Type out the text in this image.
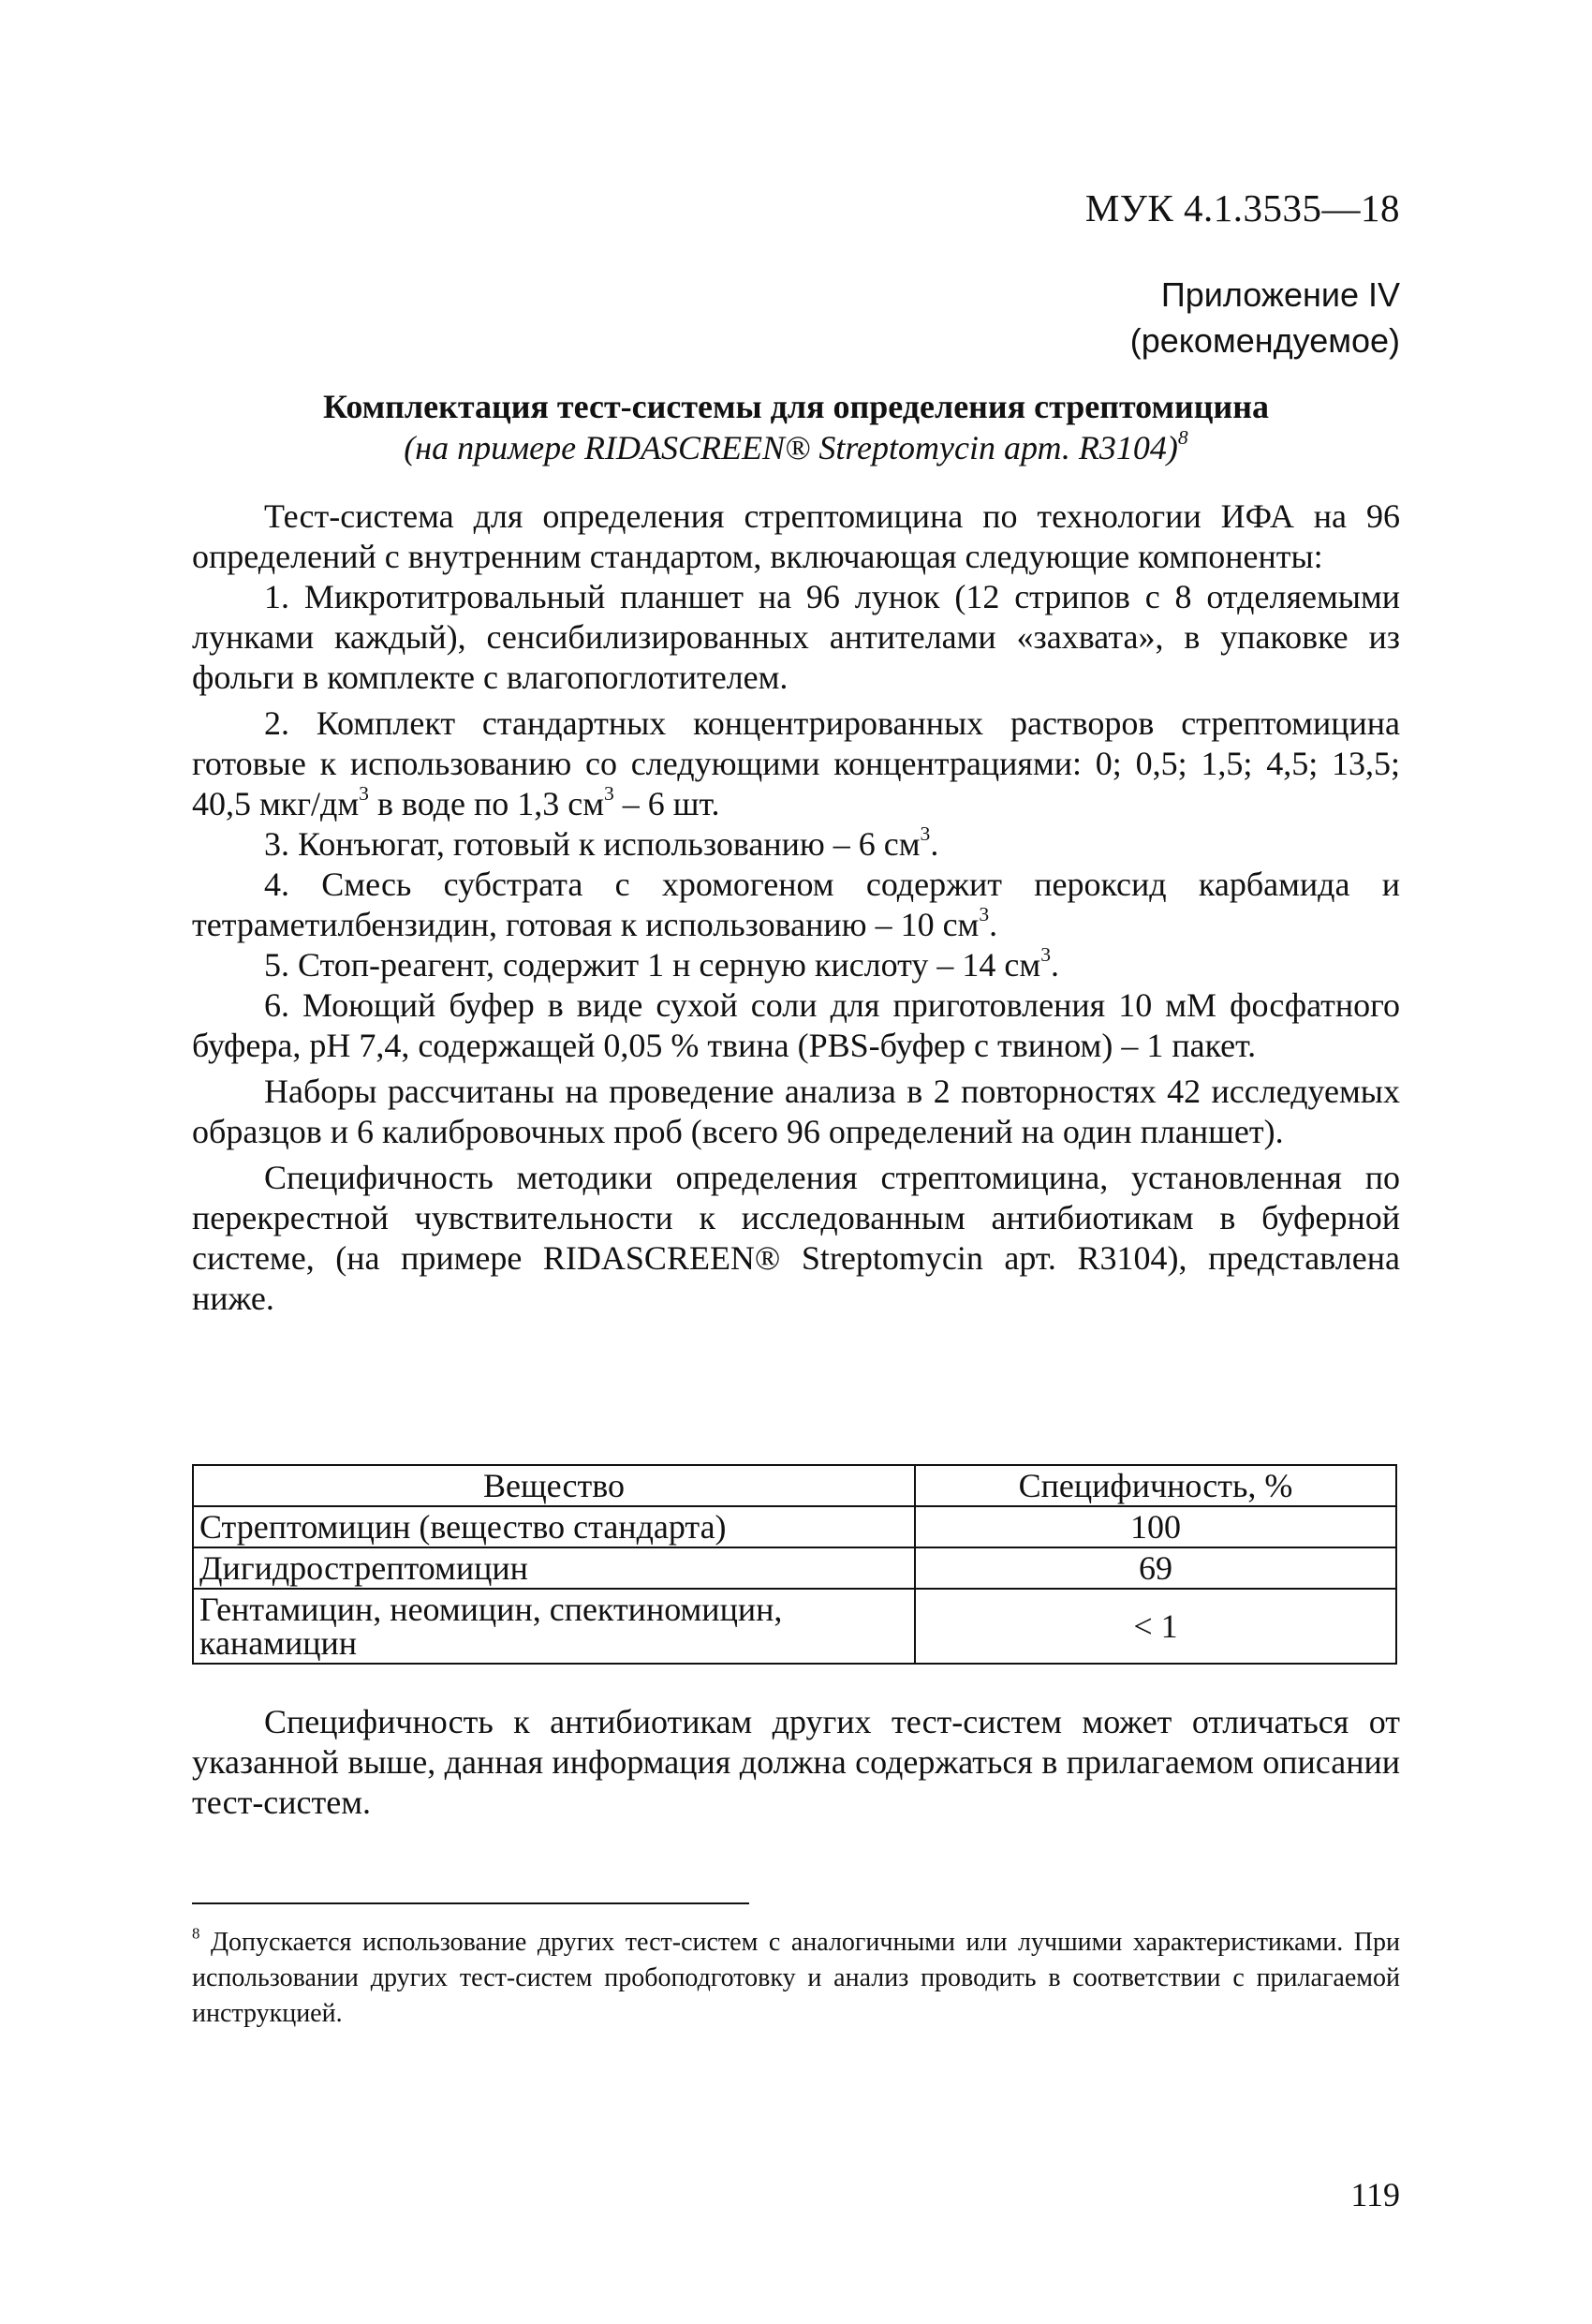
МУК 4.1.3535—18
Приложение IV
(рекомендуемое)
Комплектация тест-системы для определения стрептомицина
(на примере RIDASCREEN® Streptomycin арт. R3104)$^8$

Тест-система для определения стрептомицина по технологии ИФА на 96 определений с внутренним стандартом, включающая следующие компоненты:

1. Микротитровальный планшет на 96 лунок (12 стрипов с 8 отделяемыми лунками каждый), сенсибилизированных антителами «захвата», в упаковке из фольги в комплекте с влагопоглотителем.
2. Комплект стандартных концентрированных растворов стрептомицина готовые к использованию со следующими концентрациями: 0; 0,5; 1,5; 4,5; 13,5; 40,5 мкг/$дм^3$ в воде по 1,3 $см^3 - 6$ шт.
3. Конъюгат, готовый к использованию – 6 $см^3$.
4. Смесь субстрата с хромогеном содержит пероксид карбамида и тетраметилбензидин, готовая к использованию – 10 $см^3$.
5. Стоп-реагент, содержит 1 н серную кислоту – 14 $см^3$.
6. Моющий буфер в виде сухой соли для приготовления 10 мМ фосфатного буфера, pH 7,4, содержащей 0,05 % твина (PBS-буфер с твином) – 1 пакет.

Наборы рассчитаны на проведение анализа в 2 повторностях 42 исследуемых образцов и 6 калибровочных проб (всего 96 определений на один планшет).

Специфичность методики определения стрептомицина, установленная по перекрестной чувствительности к исследованным антибиотикам в буферной системе, (на примере RIDASCREEN® Streptomycin арт. R3104), представлена ниже.

Вещество	Специфичность, %
Стрептомицин (вещество стандарта)	100
Дигидрострептомицин	69
Гентамицин, неомицин, спектиномицин, канамицин	< 1

Специфичность к антибиотикам других тест-систем может отличаться от указанной выше, данная информация должна содержаться в прилагаемом описании тест-систем.

$^8$ Допускается использование других тест-систем с аналогичными или лучшими характеристиками. При использовании других тест-систем пробоподготовку и анализ проводить в соответствии с прилагаемой инструкцией.

119
